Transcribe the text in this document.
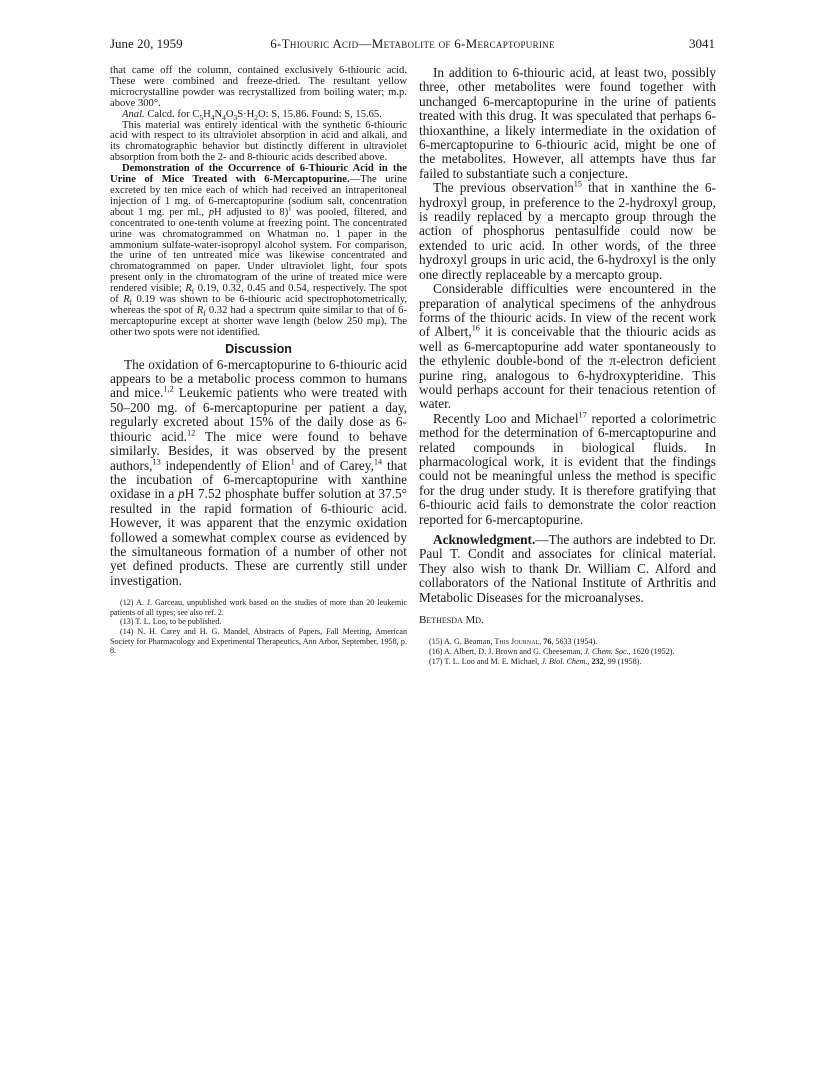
June 20, 1959	6-Thiouric Acid—Metabolite of 6-Mercaptopurine	3041

that came off the column, contained exclusively 6-thiouric acid. These were combined and freeze-dried. The resultant yellow microcrystalline powder was recrystallized from boiling water; m.p. above 300°.

Anal. Calcd. for $C_5H_4N_4O_3S\cdot H_2O$: S, 15.86. Found: S, 15.65.

This material was entirely identical with the synthetic 6-thiouric acid with respect to its ultraviolet absorption in acid and alkali, and its chromatographic behavior but distinctly different in ultraviolet absorption from both the 2- and 8-thiouric acids described above.

Demonstration of the Occurrence of 6-Thiouric Acid in the Urine of Mice Treated with 6-Mercaptopurine.—The urine excreted by ten mice each of which had received an intraperitoneal injection of 1 mg. of 6-mercaptopurine (sodium salt, concentration about 1 mg. per ml., pH adjusted to 8)$^1$ was pooled, filtered, and concentrated to one-tenth volume at freezing point. The concentrated urine was chromatogrammed on Whatman no. 1 paper in the ammonium sulfate-water-isopropyl alcohol system. For comparison, the urine of ten untreated mice was likewise concentrated and chromatogrammed on paper. Under ultraviolet light, four spots present only in the chromatogram of the urine of treated mice were rendered visible; $R_f$ 0.19, 0.32, 0.45 and 0.54, respectively. The spot of $R_f$ 0.19 was shown to be 6-thiouric acid spectrophotometrically, whereas the spot of $R_f$ 0.32 had a spectrum quite similar to that of 6-mercaptopurine except at shorter wave length (below 250 mμ). The other two spots were not identified.

Discussion

The oxidation of 6-mercaptopurine to 6-thiouric acid appears to be a metabolic process common to humans and mice.$^{1,2}$ Leukemic patients who were treated with 50–200 mg. of 6-mercaptopurine per patient a day, regularly excreted about 15% of the daily dose as 6-thiouric acid.$^{12}$ The mice were found to behave similarly. Besides, it was observed by the present authors,$^{13}$ independently of Elion$^1$ and of Carey,$^{14}$ that the incubation of 6-mercaptopurine with xanthine oxidase in a pH 7.52 phosphate buffer solution at 37.5° resulted in the rapid formation of 6-thiouric acid. However, it was apparent that the enzymic oxidation followed a somewhat complex course as evidenced by the simultaneous formation of a number of other not yet defined products. These are currently still under investigation.

(12) A. J. Garceau, unpublished work based on the studies of more than 20 leukemic patients of all types; see also ref. 2.

(13) T. L. Loo, to be published.

(14) N. H. Carey and H. G. Mandel, Abstracts of Papers, Fall Meeting, American Society for Pharmacology and Experimental Therapeutics, Ann Arbor, September, 1958, p. 8.

In addition to 6-thiouric acid, at least two, possibly three, other metabolites were found together with unchanged 6-mercaptopurine in the urine of patients treated with this drug. It was speculated that perhaps 6-thioxanthine, a likely intermediate in the oxidation of 6-mercaptopurine to 6-thiouric acid, might be one of the metabolites. However, all attempts have thus far failed to substantiate such a conjecture.

The previous observation$^{15}$ that in xanthine the 6-hydroxyl group, in preference to the 2-hydroxyl group, is readily replaced by a mercapto group through the action of phosphorus pentasulfide could now be extended to uric acid. In other words, of the three hydroxyl groups in uric acid, the 6-hydroxyl is the only one directly replaceable by a mercapto group.

Considerable difficulties were encountered in the preparation of analytical specimens of the anhydrous forms of the thiouric acids. In view of the recent work of Albert,$^{16}$ it is conceivable that the thiouric acids as well as 6-mercaptopurine add water spontaneously to the ethylenic double-bond of the π-electron deficient purine ring, analogous to 6-hydroxypteridine. This would perhaps account for their tenacious retention of water.

Recently Loo and Michael$^{17}$ reported a colorimetric method for the determination of 6-mercaptopurine and related compounds in biological fluids. In pharmacological work, it is evident that the findings could not be meaningful unless the method is specific for the drug under study. It is therefore gratifying that 6-thiouric acid fails to demonstrate the color reaction reported for 6-mercaptopurine.

Acknowledgment.—The authors are indebted to Dr. Paul T. Condit and associates for clinical material. They also wish to thank Dr. William C. Alford and collaborators of the National Institute of Arthritis and Metabolic Diseases for the microanalyses.

Bethesda Md.

(15) A. G. Beaman, This Journal, 76, 5633 (1954).

(16) A. Albert, D. J. Brown and G. Cheeseman, J. Chem. Soc., 1620 (1952).

(17) T. L. Loo and M. E. Michael, J. Biol. Chem., 232, 99 (1958).
